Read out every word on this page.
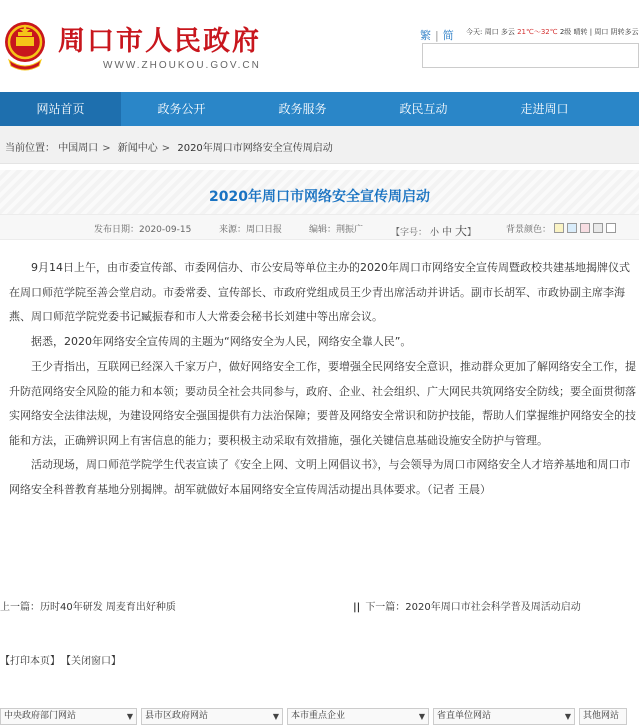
周口市人民政府
WWW.ZHOUKOU.GOV.CN
繁 | 简 今天: 周口 多云 21℃～32℃ 2级 晴转 | 周口 阴转多云
网站首页	政务公开	政务服务	政民互动	走进周口
当前位置： 中国周口 > 新闻中心 > 2020年周口市网络安全宣传周启动
2020年周口市网络安全宣传周启动
发布日期：2020-09-15	来源：周口日报	编辑：荆振广	【字号： 小 中 大】	背景颜色：

9月14日上午，由市委宣传部、市委网信办、市公安局等单位主办的2020年周口市网络安全宣传周暨政校共建基地揭牌仪式在周口师范学院至善会堂启动。市委常委、宣传部长、市政府党组成员王少青出席活动并讲话。副市长胡军、市政协副主席李海燕、周口师范学院党委书记臧振春和市人大常委会秘书长刘建中等出席会议。

据悉，2020年网络安全宣传周的主题为“网络安全为人民，网络安全靠人民”。

王少青指出，互联网已经深入千家万户，做好网络安全工作，要增强全民网络安全意识，推动群众更加了解网络安全工作，提升防范网络安全风险的能力和本领；要动员全社会共同参与，政府、企业、社会组织、广大网民共筑网络安全防线；要全面贯彻落实网络安全法律法规，为建设网络安全强国提供有力法治保障；要普及网络安全常识和防护技能，帮助人们掌握维护网络安全的技能和方法，正确辨识网上有害信息的能力；要积极主动采取有效措施，强化关键信息基础设施安全防护与管理。

活动现场，周口师范学院学生代表宣读了《安全上网、文明上网倡议书》，与会领导为周口市网络安全人才培养基地和周口市网络安全科普教育基地分别揭牌。胡军就做好本届网络安全宣传周活动提出具体要求。（记者 王晨）

上一篇：历时40年研发 周麦育出好种质	|| 下一篇：2020年周口市社会科学普及周活动启动
【打印本页】 【关闭窗口】
中央政府部门网站	▼	县市区政府网站	▼	本市重点企业	▼	省直单位网站	▼	其他网站
